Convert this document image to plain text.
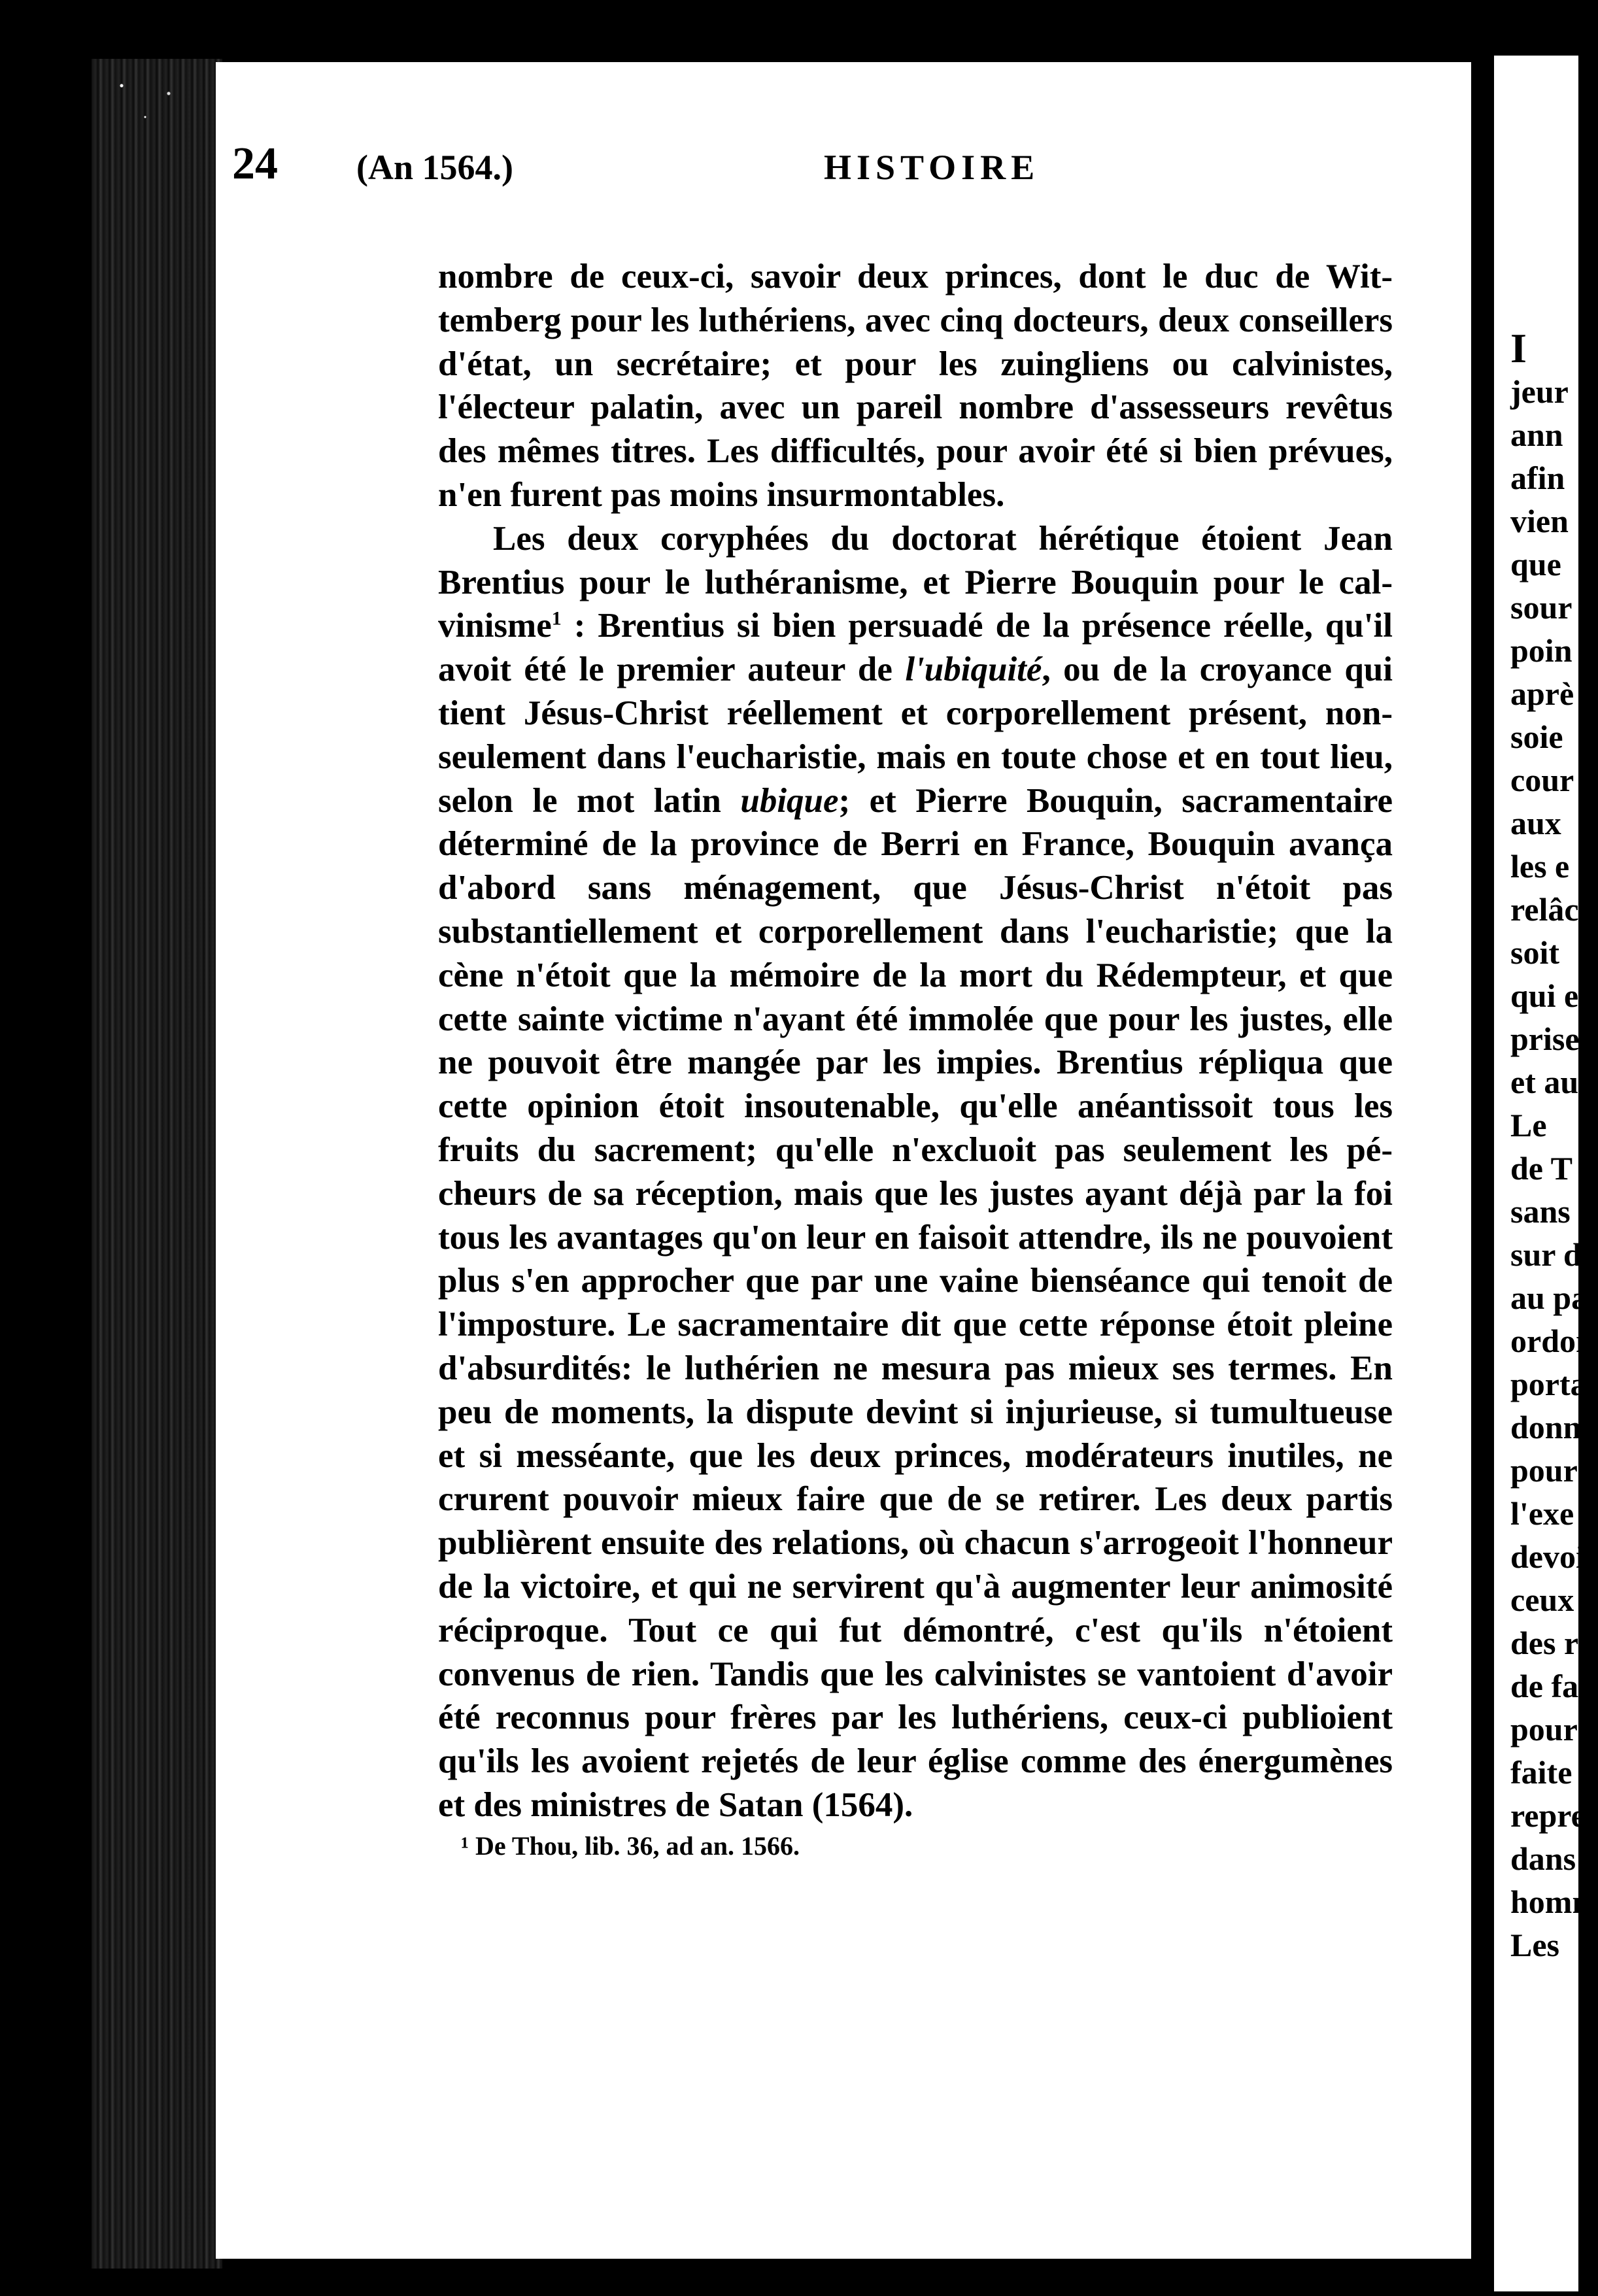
24 (An 1564.)	HISTOIRE

nombre de ceux-ci, savoir deux princes, dont le duc de Wittemberg pour les luthériens, avec cinq docteurs, deux conseillers d'état, un secrétaire; et pour les zuingliens ou calvinistes, l'électeur palatin, avec un pareil nombre d'assesseurs revêtus des mêmes titres. Les difficultés, pour avoir été si bien prévues, n'en furent pas moins insurmontables.

Les deux coryphées du doctorat hérétique étoient Jean Brentius pour le luthéranisme, et Pierre Bouquin pour le calvinisme$^1$ : Brentius si bien persuadé de la présence réelle, qu'il avoit été le premier auteur de l'ubiquité, ou de la croyance qui tient Jésus-Christ réellement et corporellement présent, nonseulement dans l'eucharistie, mais en toute chose et en tout lieu, selon le mot latin ubique; et Pierre Bouquin, sacramentaire déterminé de la province de Berri en France, Bouquin avança d'abord sans ménagement, que Jésus-Christ n'étoit pas substantiellement et corporellement dans l'eucharistie; que la cène n'étoit que la mémoire de la mort du Rédempteur, et que cette sainte victime n'ayant été immolée que pour les justes, elle ne pouvoit être mangée par les impies. Brentius répliqua que cette opinion étoit insoutenable, qu'elle anéantissoit tous les fruits du sacrement; qu'elle n'excluoit pas seulement les pécheurs de sa réception, mais que les justes ayant déjà par la foi tous les avantages qu'on leur en faisoit attendre, ils ne pouvoient plus s'en approcher que par une vaine bienséance qui tenoit de l'imposture. Le sacramentaire dit que cette réponse étoit pleine d'absurdités: le luthérien ne mesura pas mieux ses termes. En peu de moments, la dispute devint si injurieuse, si tumultueuse et si messéante, que les deux princes, modérateurs inutiles, ne crurent pouvoir mieux faire que de se retirer. Les deux partis publièrent ensuite des relations, où chacun s'arrogeoit l'honneur de la victoire, et qui ne servirent qu'à augmenter leur animosité réciproque. Tout ce qui fut démontré, c'est qu'ils n'étoient convenus de rien. Tandis que les calvinistes se vantoient d'avoir été reconnus pour frères par les luthériens, ceux-ci publioient qu'ils les avoient rejetés de leur église comme des énergumènes et des ministres de Satan (1564).

¹ De Thou, lib. 36, ad an. 1566.
I
jeur
ann
afin
vien
que
sour
poin
aprè
soie
cour
aux
les e
relâc
soit
qui e
prise
et au
Le
de T
sans
sur d
au pa
ordon
porta
donn
pour
l'exe
devoi
ceux
des r
de fai
pour
faite
repres
dans
homn
Les
